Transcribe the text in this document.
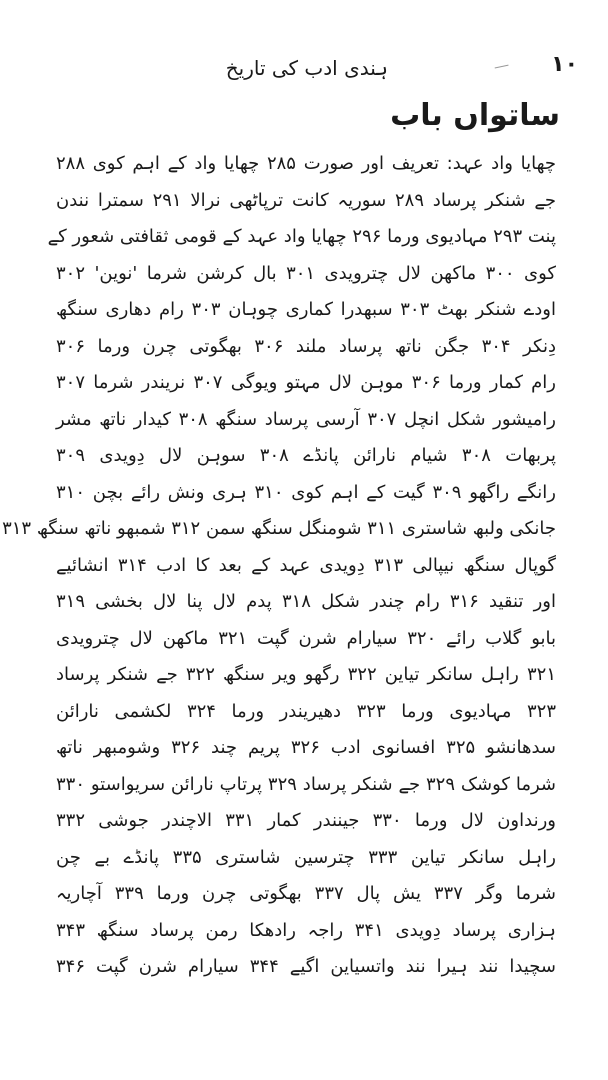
۱۰
ہندی ادب کی تاریخ
ساتواں باب
چھایا واد عہد: تعریف اور صورت ۲۸۵ چھایا واد کے اہم کوی ۲۸۸
جے شنکر پرساد ۲۸۹ سوریہ کانت ترپاٹھی نرالا ۲۹۱ سمترا نندن
پنت ۲۹۳ مہادیوی ورما ۲۹۶ چھایا واد عہد کے قومی ثقافتی شعور کے
کوی ۳۰۰ ماکھن لال چترویدی ۳۰۱ بال کرشن شرما 'نوین' ۳۰۲
اودے شنکر بھٹ ۳۰۳ سبھدرا کماری چوہان ۳۰۳ رام دھاری سنگھ
دِنکر ۳۰۴ جگن ناتھ پرساد ملند ۳۰۶ بھگوتی چرن ورما ۳۰۶
رام کمار ورما ۳۰۶ موہن لال مہتو ویوگی ۳۰۷ نریندر شرما ۳۰۷
رامیشور شکل انچل ۳۰۷ آرسی پرساد سنگھ ۳۰۸ کیدار ناتھ مشر
پربھات ۳۰۸ شیام نارائن پانڈے ۳۰۸ سوہن لال دِویدی ۳۰۹
رانگے راگھو ۳۰۹ گیت کے اہم کوی ۳۱۰ ہری ونش رائے بچن ۳۱۰
جانکی ولبھ شاستری ۳۱۱ شومنگل سنگھ سمن ۳۱۲ شمبھو ناتھ سنگھ ۳۱۳
گوپال سنگھ نیپالی ۳۱۳ دِویدی عہد کے بعد کا ادب ۳۱۴ انشائیے
اور تنقید ۳۱۶ رام چندر شکل ۳۱۸ پدم لال پنا لال بخشی ۳۱۹
بابو گلاب رائے ۳۲۰ سیارام شرن گپت ۳۲۱ ماکھن لال چترویدی
۳۲۱ راہل سانکر تیاین ۳۲۲ رگھو ویر سنگھ ۳۲۲ جے شنکر پرساد
۳۲۳ مہادیوی ورما ۳۲۳ دھیریندر ورما ۳۲۴ لکشمی نارائن
سدھانشو ۳۲۵ افسانوی ادب ۳۲۶ پریم چند ۳۲۶ وشومبھر ناتھ
شرما کوشک ۳۲۹ جے شنکر پرساد ۳۲۹ پرتاپ نارائن سریواستو ۳۳۰
ورنداون لال ورما ۳۳۰ جینندر کمار ۳۳۱ الاچندر جوشی ۳۳۲
راہل سانکر تیاین ۳۳۳ چترسین شاستری ۳۳۵ پانڈے بے چن
شرما وگر ۳۳۷ یش پال ۳۳۷ بھگوتی چرن ورما ۳۳۹ آچاریہ
ہزاری پرساد دِویدی ۳۴۱ راجہ رادھکا رمن پرساد سنگھ ۳۴۳
سچیدا نند ہیرا نند واتسیاین اگیے ۳۴۴ سیارام شرن گپت ۳۴۶
